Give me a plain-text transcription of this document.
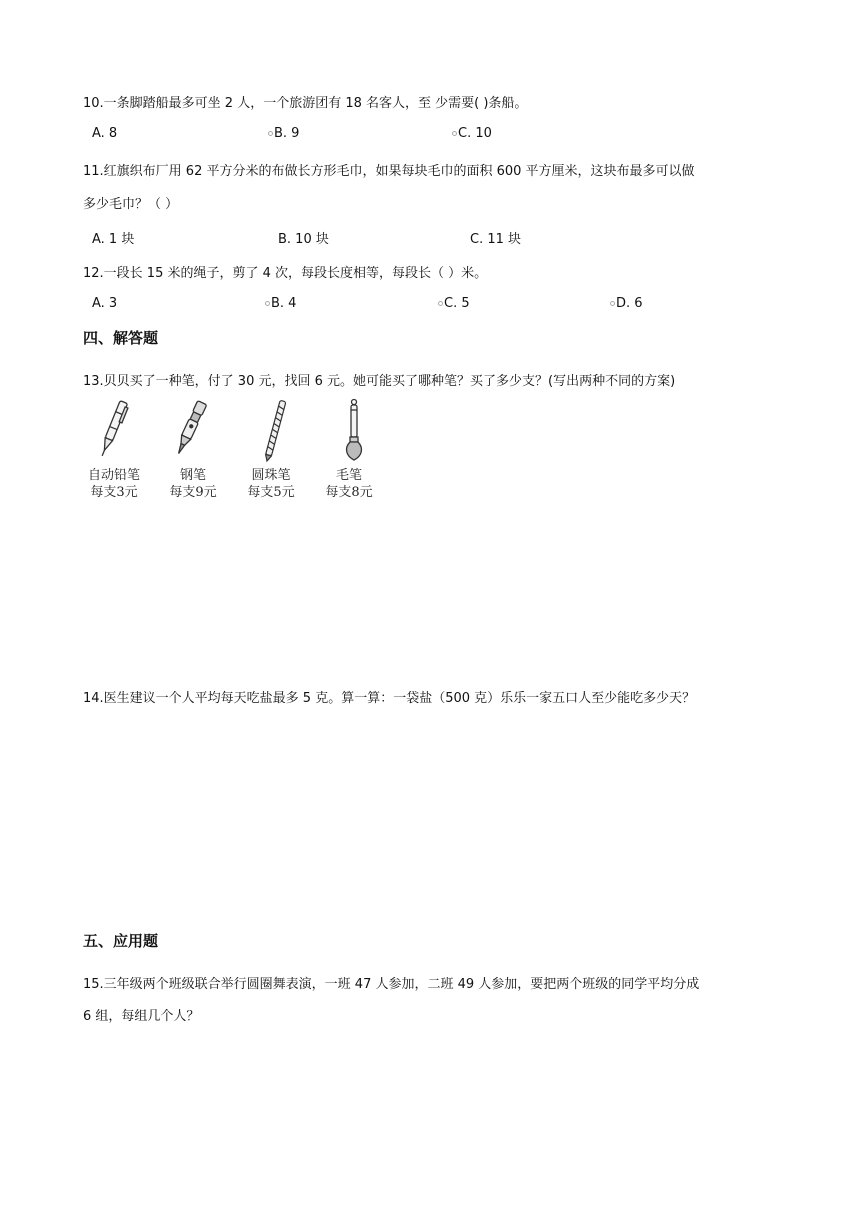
10.一条脚踏船最多可坐 2 人，一个旅游团有 18 名客人，至 少需要( )条船。
A. 8	B. 9	C. 10
11.红旗织布厂用 62 平方分米的布做长方形毛巾，如果每块毛巾的面积 600 平方厘米，这块布最多可以做
多少毛巾？（ ）
A. 1 块	B. 10 块	C. 11 块
12.一段长 15 米的绳子，剪了 4 次，每段长度相等，每段长（ ）米。
A. 3	B. 4	C. 5	D. 6
四、解答题
13.贝贝买了一种笔，付了 30 元，找回 6 元。她可能买了哪种笔？买了多少支？(写出两种不同的方案)
自动铅笔
每支3元
钢笔
每支9元
圆珠笔
每支5元
毛笔
每支8元
14.医生建议一个人平均每天吃盐最多 5 克。算一算：一袋盐（500 克）乐乐一家五口人至少能吃多少天？
五、应用题
15.三年级两个班级联合举行圆圈舞表演，一班 47 人参加，二班 49 人参加，要把两个班级的同学平均分成
6 组，每组几个人？
